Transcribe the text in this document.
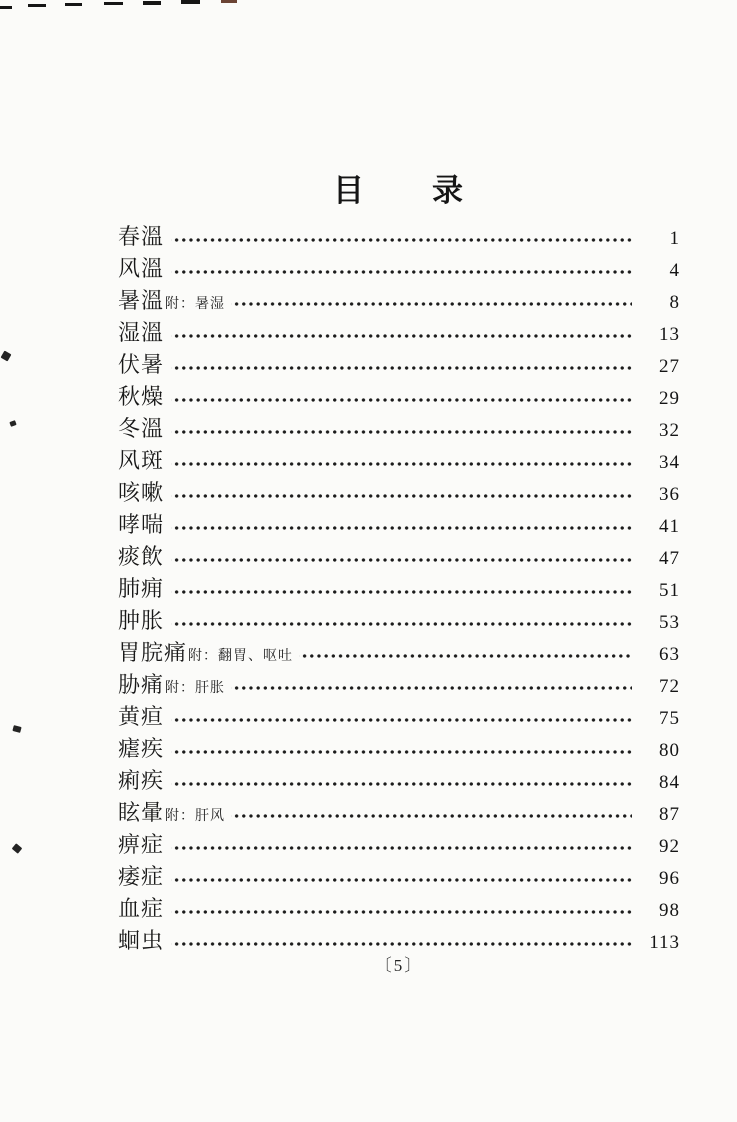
目　　录
春溫	1
风溫	4
暑溫 附：暑湿	8
湿溫	13
伏暑	27
秋燥	29
冬溫	32
风斑	34
咳嗽	36
哮喘	41
痰飲	47
肺痈	51
肿胀	53
胃脘痛 附：翻胃、呕吐	63
胁痛 附：肝胀	72
黄疸	75
瘧疾	80
痢疾	84
眩暈 附：肝风	87
痹症	92
痿症	96
血症	98
蛔虫	113
〔5〕
